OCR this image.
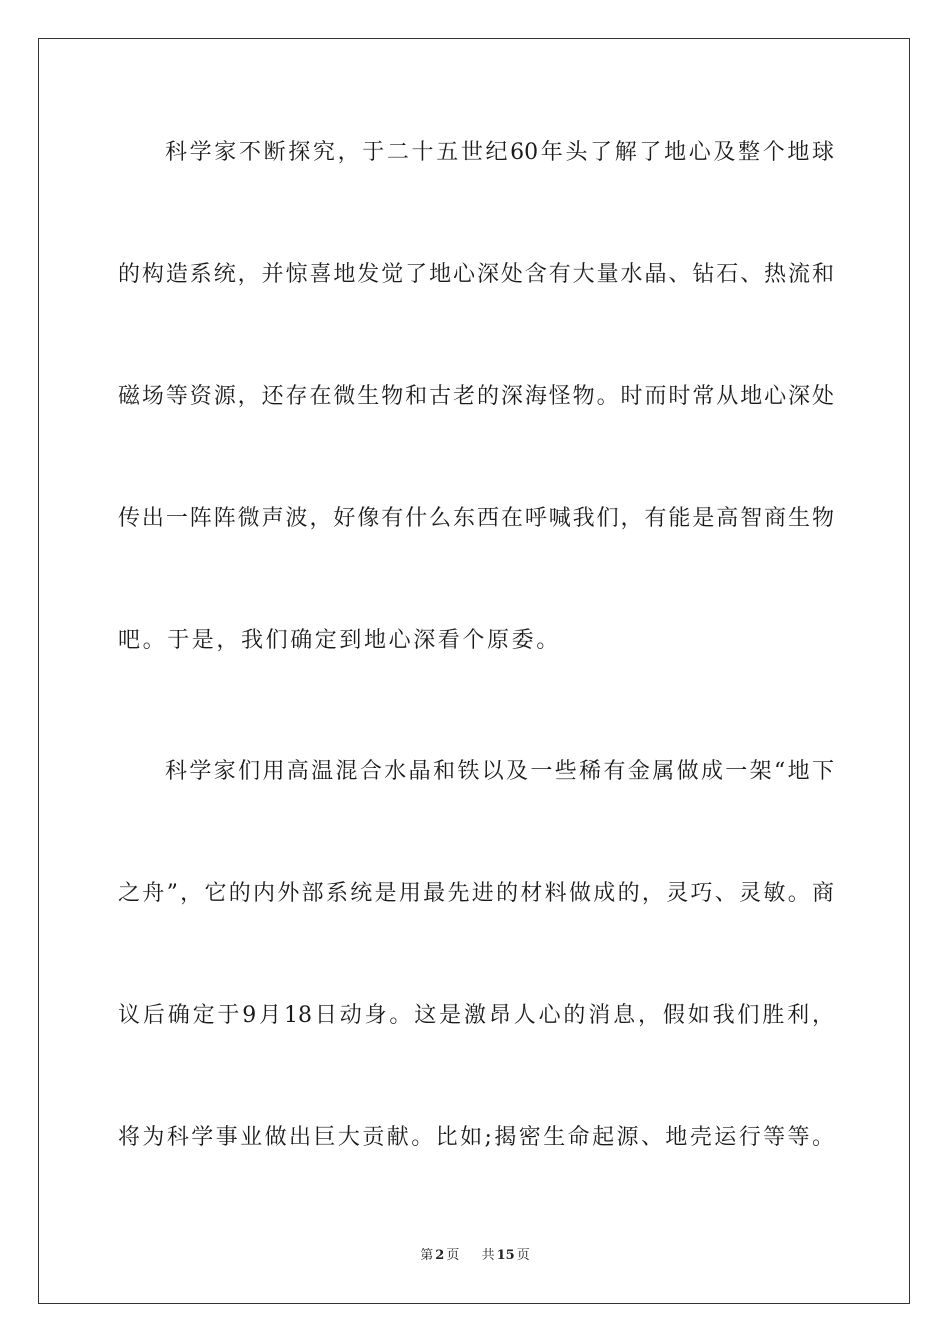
科学家不断探究，于二十五世纪60年头了解了地心及整个地球
的构造系统，并惊喜地发觉了地心深处含有大量水晶、钻石、热流和
磁场等资源，还存在微生物和古老的深海怪物。时而时常从地心深处
传出一阵阵微声波，好像有什么东西在呼喊我们，有能是高智商生物
吧。于是，我们确定到地心深看个原委。
科学家们用高温混合水晶和铁以及一些稀有金属做成一架“地下
之舟”，它的内外部系统是用最先进的材料做成的，灵巧、灵敏。商
议后确定于9月18日动身。这是激昂人心的消息，假如我们胜利，
将为科学事业做出巨大贡献。比如;揭密生命起源、地壳运行等等。
第 2 页 共 15 页
